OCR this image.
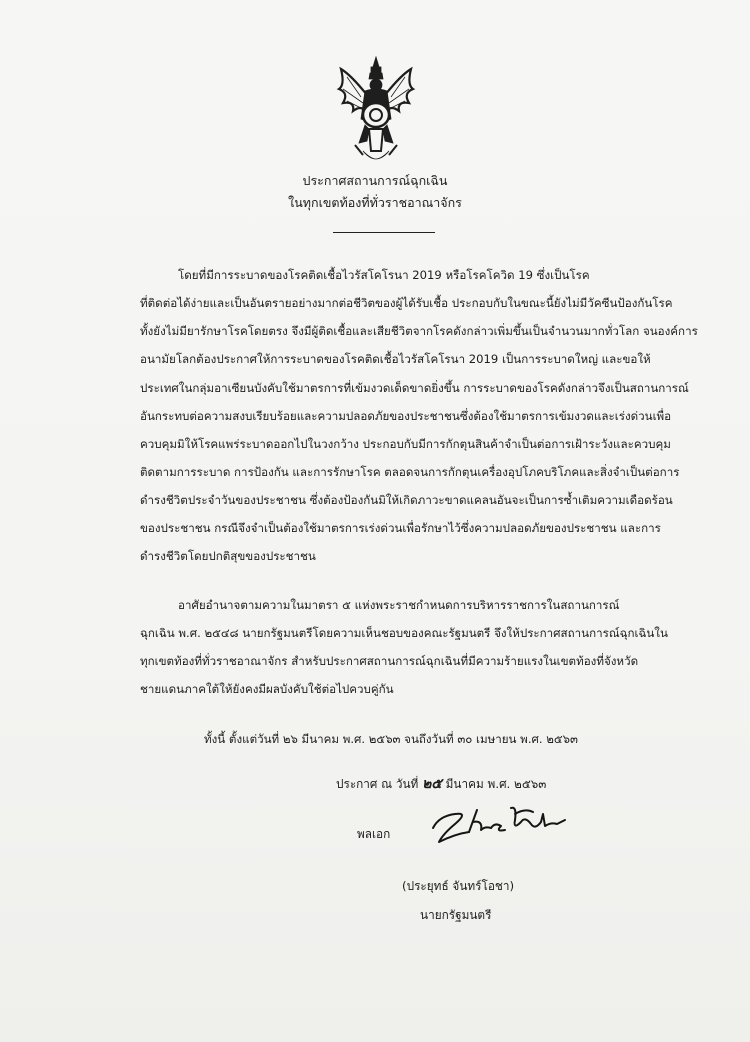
ประกาศสถานการณ์ฉุกเฉิน
ในทุกเขตท้องที่ทั่วราชอาณาจักร
โดยที่มีการระบาดของโรคติดเชื้อไวรัสโคโรนา 2019 หรือโรคโควิด 19 ซึ่งเป็นโรค
ที่ติดต่อได้ง่ายและเป็นอันตรายอย่างมากต่อชีวิตของผู้ได้รับเชื้อ ประกอบกับในขณะนี้ยังไม่มีวัคซีนป้องกันโรค
ทั้งยังไม่มียารักษาโรคโดยตรง จึงมีผู้ติดเชื้อและเสียชีวิตจากโรคดังกล่าวเพิ่มขึ้นเป็นจำนวนมากทั่วโลก จนองค์การ
อนามัยโลกต้องประกาศให้การระบาดของโรคติดเชื้อไวรัสโคโรนา 2019 เป็นการระบาดใหญ่ และขอให้
ประเทศในกลุ่มอาเซียนบังคับใช้มาตรการที่เข้มงวดเด็ดขาดยิ่งขึ้น การระบาดของโรคดังกล่าวจึงเป็นสถานการณ์
อันกระทบต่อความสงบเรียบร้อยและความปลอดภัยของประชาชนซึ่งต้องใช้มาตรการเข้มงวดและเร่งด่วนเพื่อ
ควบคุมมิให้โรคแพร่ระบาดออกไปในวงกว้าง ประกอบกับมีการกักตุนสินค้าจำเป็นต่อการเฝ้าระวังและควบคุม
ติดตามการระบาด การป้องกัน และการรักษาโรค ตลอดจนการกักตุนเครื่องอุปโภคบริโภคและสิ่งจำเป็นต่อการ
ดำรงชีวิตประจำวันของประชาชน ซึ่งต้องป้องกันมิให้เกิดภาวะขาดแคลนอันจะเป็นการซ้ำเติมความเดือดร้อน
ของประชาชน กรณีจึงจำเป็นต้องใช้มาตรการเร่งด่วนเพื่อรักษาไว้ซึ่งความปลอดภัยของประชาชน และการ
ดำรงชีวิตโดยปกติสุขของประชาชน
อาศัยอำนาจตามความในมาตรา ๕ แห่งพระราชกำหนดการบริหารราชการในสถานการณ์
ฉุกเฉิน พ.ศ. ๒๕๔๘ นายกรัฐมนตรีโดยความเห็นชอบของคณะรัฐมนตรี จึงให้ประกาศสถานการณ์ฉุกเฉินใน
ทุกเขตท้องที่ทั่วราชอาณาจักร สำหรับประกาศสถานการณ์ฉุกเฉินที่มีความร้ายแรงในเขตท้องที่จังหวัด
ชายแดนภาคใต้ให้ยังคงมีผลบังคับใช้ต่อไปควบคู่กัน
ทั้งนี้ ตั้งแต่วันที่ ๒๖ มีนาคม พ.ศ. ๒๕๖๓ จนถึงวันที่ ๓๐ เมษายน พ.ศ. ๒๕๖๓
ประกาศ ณ วันที่ ๒๕ มีนาคม พ.ศ. ๒๕๖๓
พลเอก
(ประยุทธ์ จันทร์โอชา)
นายกรัฐมนตรี
